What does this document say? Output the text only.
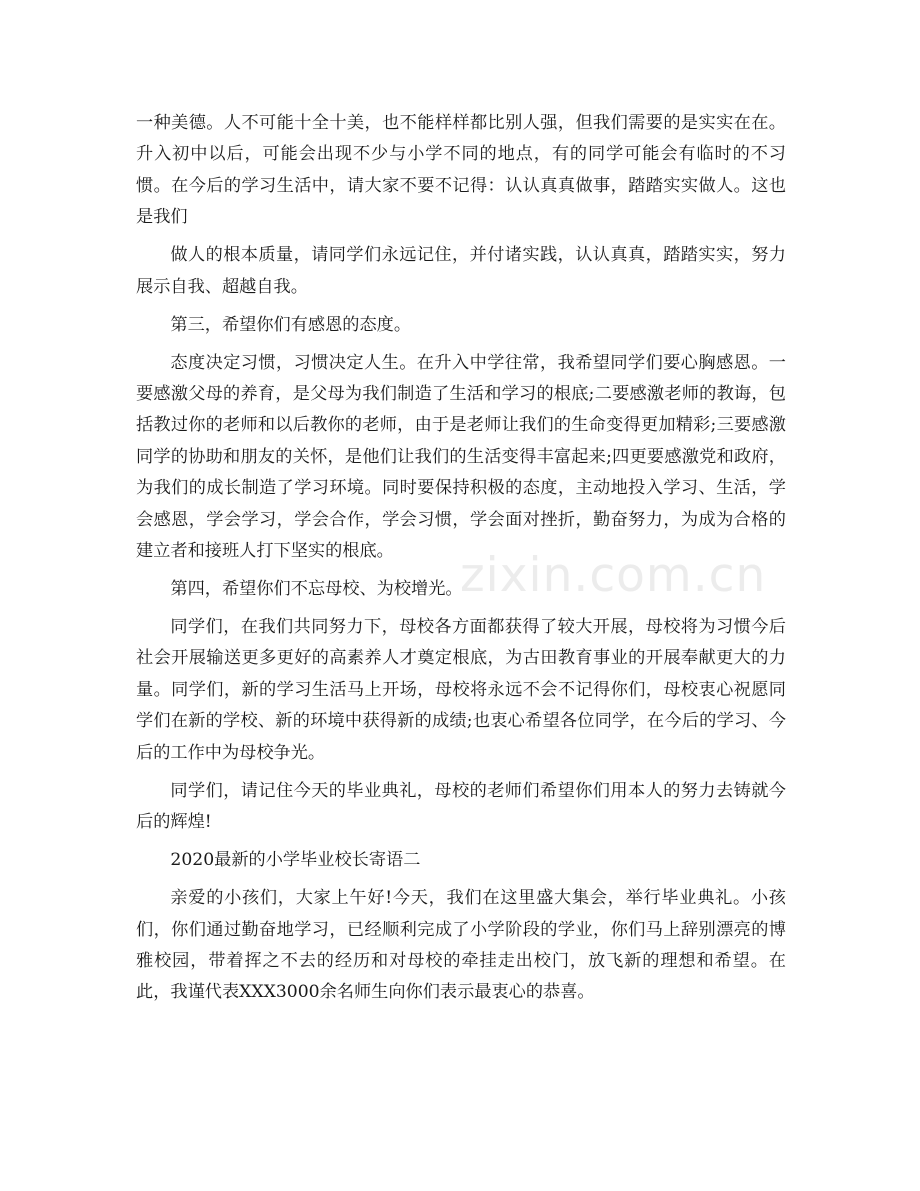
zixin.com.cn

一种美德。人不可能十全十美，也不能样样都比别人强，但我们需要的是实实在在。升入初中以后，可能会出现不少与小学不同的地点，有的同学可能会有临时的不习惯。在今后的学习生活中，请大家不要不记得：认认真真做事，踏踏实实做人。这也是我们

做人的根本质量，请同学们永远记住，并付诸实践，认认真真，踏踏实实，努力展示自我、超越自我。

第三，希望你们有感恩的态度。

态度决定习惯，习惯决定人生。在升入中学往常，我希望同学们要心胸感恩。一要感激父母的养育，是父母为我们制造了生活和学习的根底;二要感激老师的教诲，包括教过你的老师和以后教你的老师，由于是老师让我们的生命变得更加精彩;三要感激同学的协助和朋友的关怀，是他们让我们的生活变得丰富起来;四更要感激党和政府，为我们的成长制造了学习环境。同时要保持积极的态度，主动地投入学习、生活，学会感恩，学会学习，学会合作，学会习惯，学会面对挫折，勤奋努力，为成为合格的建立者和接班人打下坚实的根底。

第四，希望你们不忘母校、为校增光。

同学们，在我们共同努力下，母校各方面都获得了较大开展，母校将为习惯今后社会开展输送更多更好的高素养人才奠定根底，为古田教育事业的开展奉献更大的力量。同学们，新的学习生活马上开场，母校将永远不会不记得你们，母校衷心祝愿同学们在新的学校、新的环境中获得新的成绩;也衷心希望各位同学，在今后的学习、今后的工作中为母校争光。

同学们，请记住今天的毕业典礼，母校的老师们希望你们用本人的努力去铸就今后的辉煌!

2020最新的小学毕业校长寄语二

亲爱的小孩们，大家上午好!今天，我们在这里盛大集会，举行毕业典礼。小孩们，你们通过勤奋地学习，已经顺利完成了小学阶段的学业，你们马上辞别漂亮的博雅校园，带着挥之不去的经历和对母校的牵挂走出校门，放飞新的理想和希望。在此，我谨代表XXX3000余名师生向你们表示最衷心的恭喜。
